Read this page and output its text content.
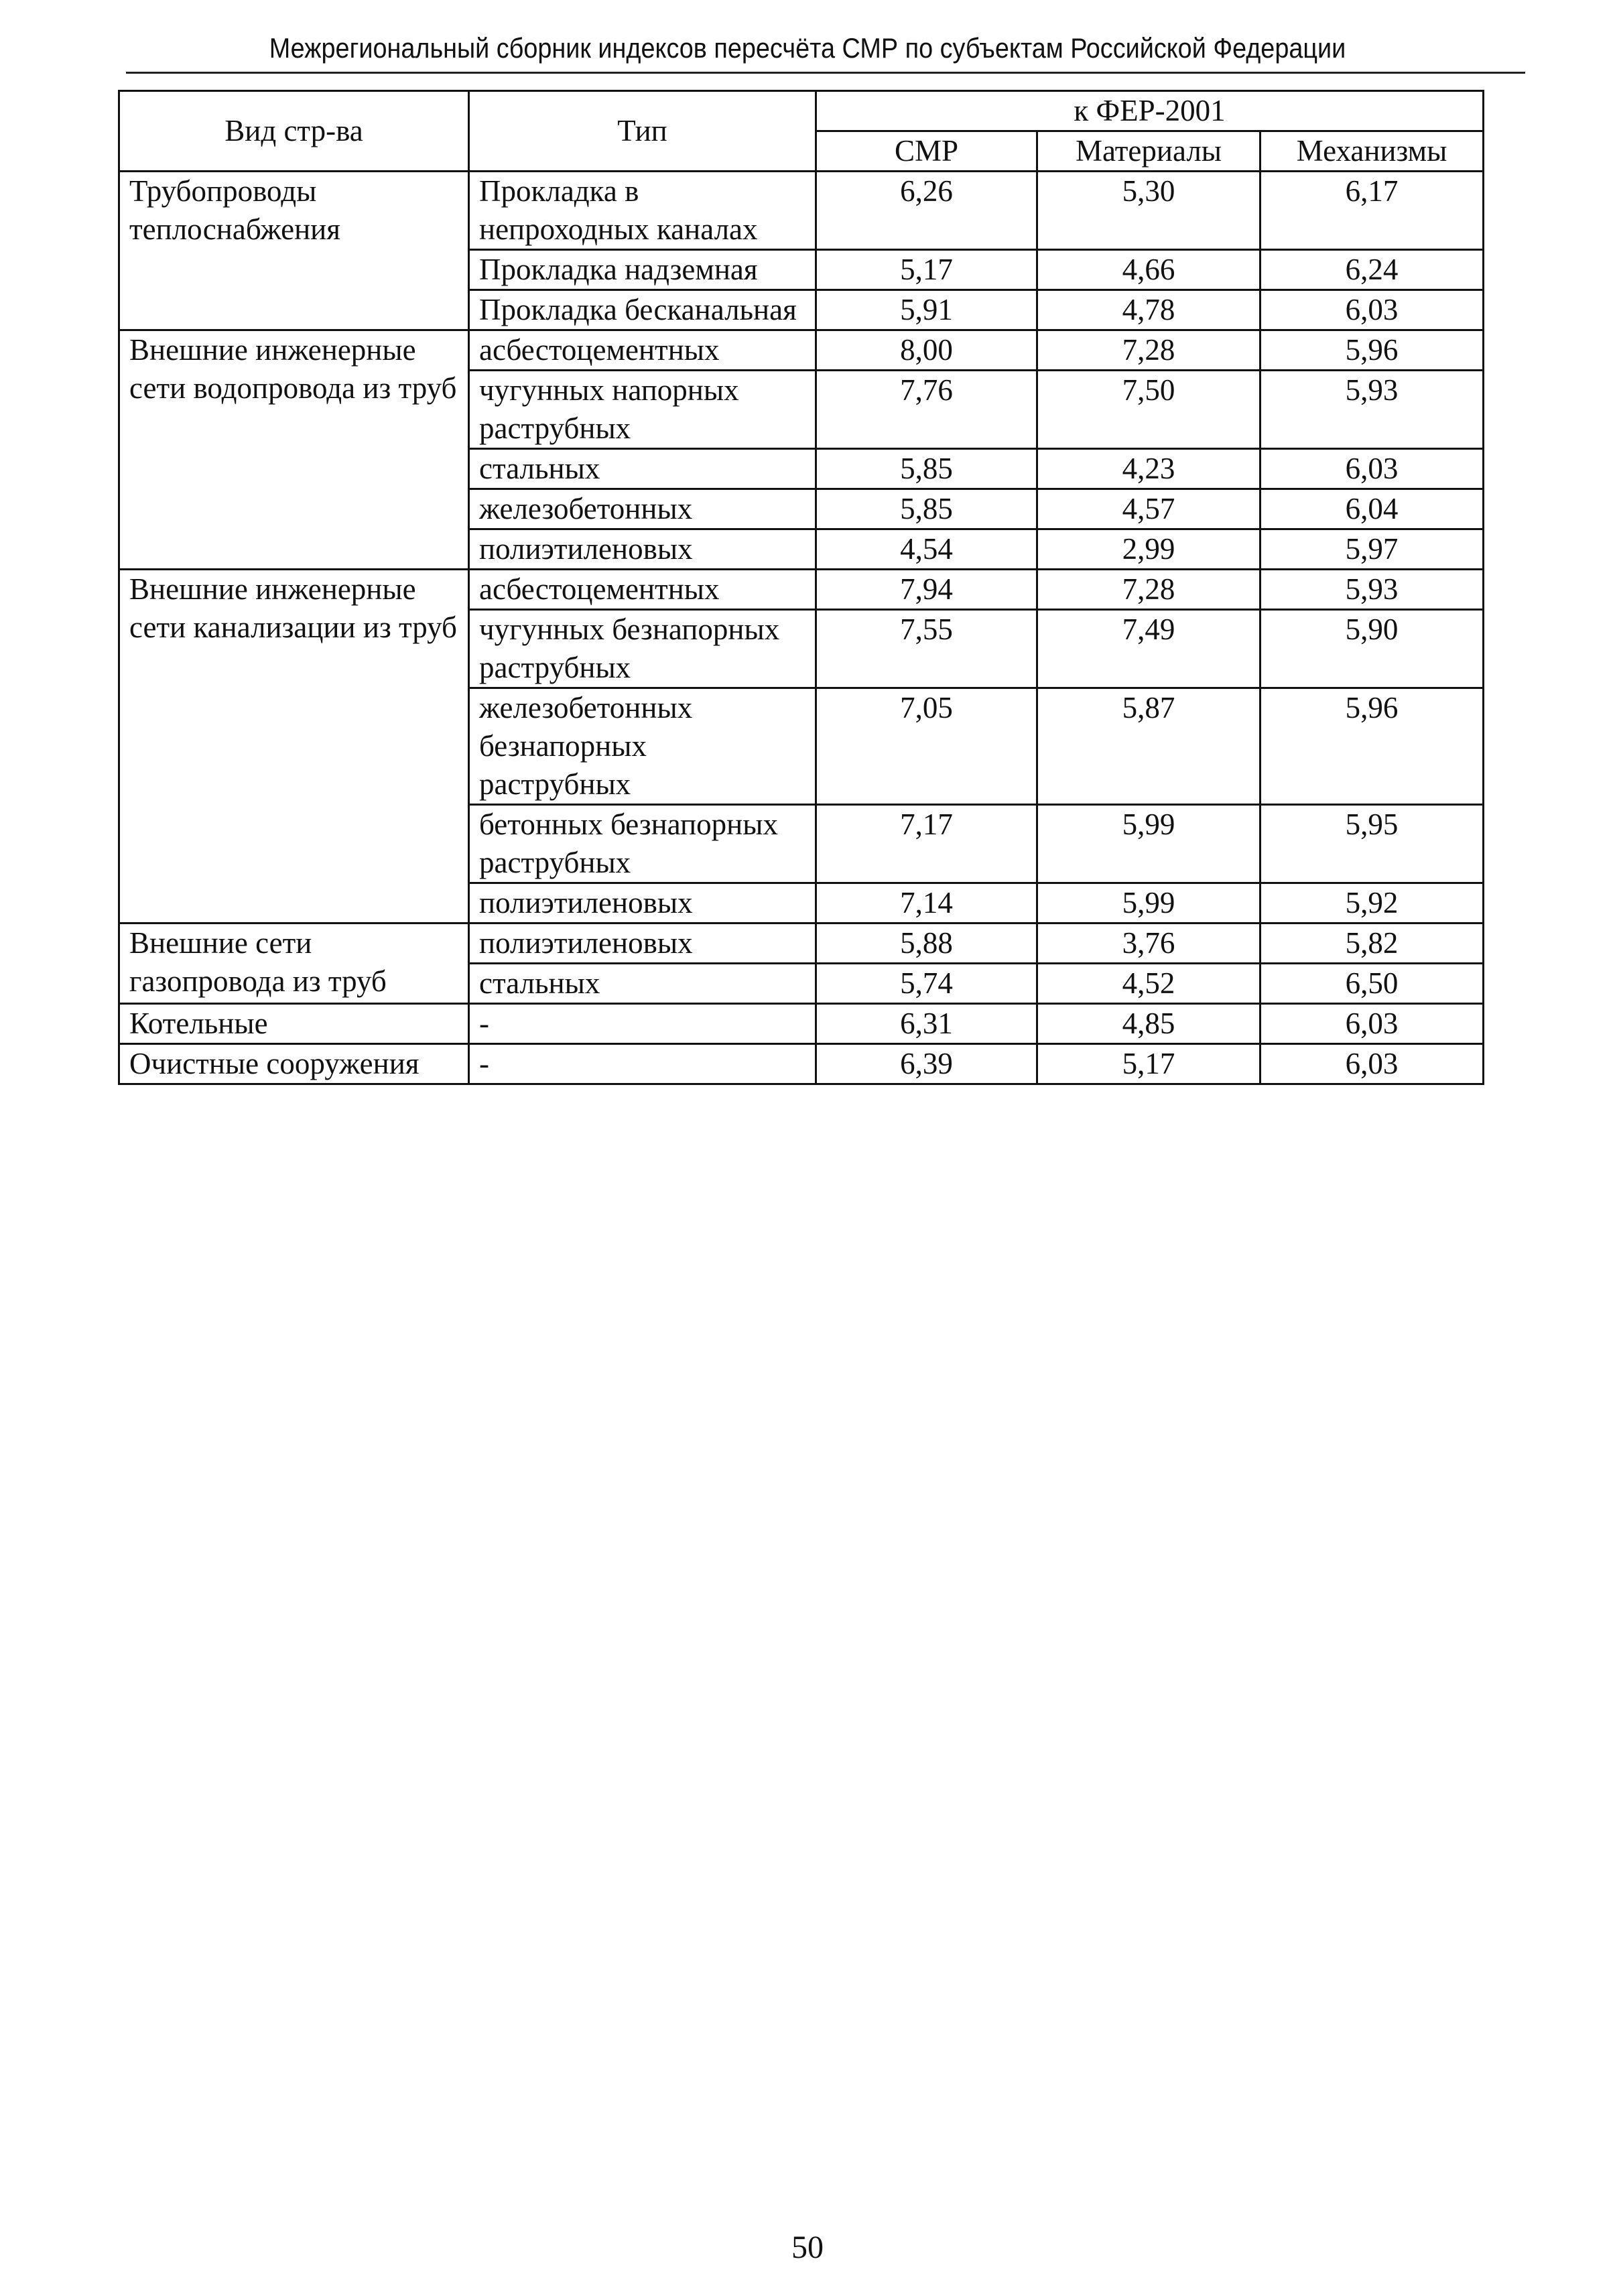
Межрегиональный сборник индексов пересчёта СМР по субъектам Российской Федерации
Вид стр-ва	Тип	к ФЕР-2001		
		СМР	Материалы	Механизмы
Трубопроводы теплоснабжения	Прокладка в непроходных каналах	6,26	5,30	6,17
	Прокладка надземная	5,17	4,66	6,24
	Прокладка бесканальная	5,91	4,78	6,03
Внешние инженерные сети водопровода из труб	асбестоцементных	8,00	7,28	5,96
	чугунных напорных раструбных	7,76	7,50	5,93
	стальных	5,85	4,23	6,03
	железобетонных	5,85	4,57	6,04
	полиэтиленовых	4,54	2,99	5,97
Внешние инженерные сети канализации из труб	асбестоцементных	7,94	7,28	5,93
	чугунных безнапорных раструбных	7,55	7,49	5,90
	железобетонных безнапорных раструбных	7,05	5,87	5,96
	бетонных безнапорных раструбных	7,17	5,99	5,95
	полиэтиленовых	7,14	5,99	5,92
Внешние сети газопровода из труб	полиэтиленовых	5,88	3,76	5,82
	стальных	5,74	4,52	6,50
Котельные	-	6,31	4,85	6,03
Очистные сооружения	-	6,39	5,17	6,03
50
